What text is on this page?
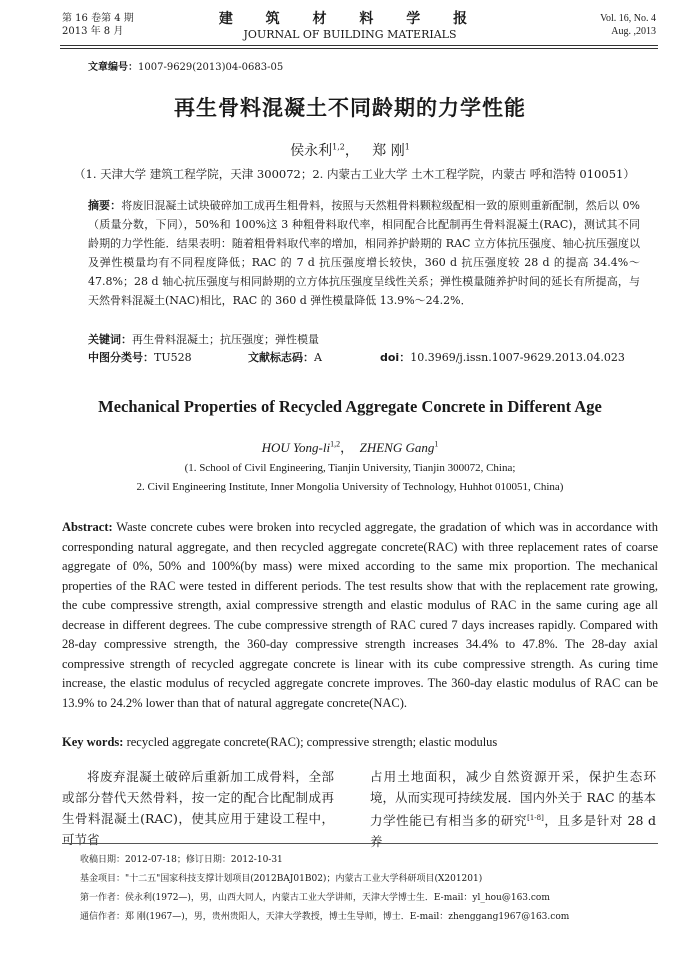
第 16 卷第 4 期
2013 年 8 月
建 筑 材 料 学 报
JOURNAL OF BUILDING MATERIALS
Vol. 16, No. 4
Aug. ,2013
文章编号：1007-9629(2013)04-0683-05
再生骨料混凝土不同龄期的力学性能
侯永利$^{1,2}$， 郑 刚$^1$
（1. 天津大学 建筑工程学院，天津 300072；2. 内蒙古工业大学 土木工程学院，内蒙古 呼和浩特 010051）
摘要：将废旧混凝土试块破碎加工成再生粗骨料，按照与天然粗骨料颗粒级配相一致的原则重新配制，然后以 0%（质量分数，下同），50%和 100%这 3 种粗骨料取代率，相同配合比配制再生骨料混凝土(RAC)，测试其不同龄期的力学性能．结果表明：随着粗骨料取代率的增加，相同养护龄期的 RAC 立方体抗压强度、轴心抗压强度以及弹性模量均有不同程度降低；RAC 的 7 d 抗压强度增长较快，360 d 抗压强度较 28 d 的提高 34.4%～47.8%；28 d 轴心抗压强度与相同龄期的立方体抗压强度呈线性关系；弹性模量随养护时间的延长有所提高，与天然骨料混凝土(NAC)相比，RAC 的 360 d 弹性模量降低 13.9%～24.2%．
关键词：再生骨料混凝土；抗压强度；弹性模量
中图分类号：TU528	文献标志码：A	doi：10.3969/j.issn.1007-9629.2013.04.023
Mechanical Properties of Recycled Aggregate Concrete in Different Age
HOU Yong-li$^{1,2}$， ZHENG Gang$^1$
(1. School of Civil Engineering, Tianjin University, Tianjin 300072, China;
2. Civil Engineering Institute, Inner Mongolia University of Technology, Huhhot 010051, China)
Abstract: Waste concrete cubes were broken into recycled aggregate, the gradation of which was in accordance with corresponding natural aggregate, and then recycled aggregate concrete(RAC) with three replacement rates of coarse aggregate of 0%, 50% and 100%(by mass) were mixed according to the same mix proportion. The mechanical properties of the RAC were tested in different periods. The test results show that with the replacement rate growing, the cube compressive strength, axial compressive strength and elastic modulus of RAC in the same curing age all decrease in different degrees. The cube compressive strength of RAC cured 7 days increases rapidly. Compared with 28-day compressive strength, the 360-day compressive strength increases 34.4% to 47.8%. The 28-day axial compressive strength of recycled aggregate concrete is linear with its cube compressive strength. As curing time increase, the elastic modulus of recycled aggregate concrete improves. The 360-day elastic modulus of RAC can be 13.9% to 24.2% lower than that of natural aggregate concrete(NAC).
Key words: recycled aggregate concrete(RAC); compressive strength; elastic modulus
将废弃混凝土破碎后重新加工成骨料，全部或部分替代天然骨料，按一定的配合比配制成再生骨料混凝土(RAC)，使其应用于建设工程中，可节省
占用土地面积，减少自然资源开采，保护生态环境，从而实现可持续发展．国内外关于 RAC 的基本力学性能已有相当多的研究[1-8]，且多是针对 28 d 养
收稿日期：2012-07-18；修订日期：2012-10-31
基金项目："十二五"国家科技支撑计划项目(2012BAJ01B02)；内蒙古工业大学科研项目(X201201)
第一作者：侯永利(1972—)，男，山西大同人，内蒙古工业大学讲师，天津大学博士生．E-mail：yl_hou@163.com
通信作者：郑 刚(1967—)，男，贵州贵阳人，天津大学教授，博士生导师，博士．E-mail：zhenggang1967@163.com
